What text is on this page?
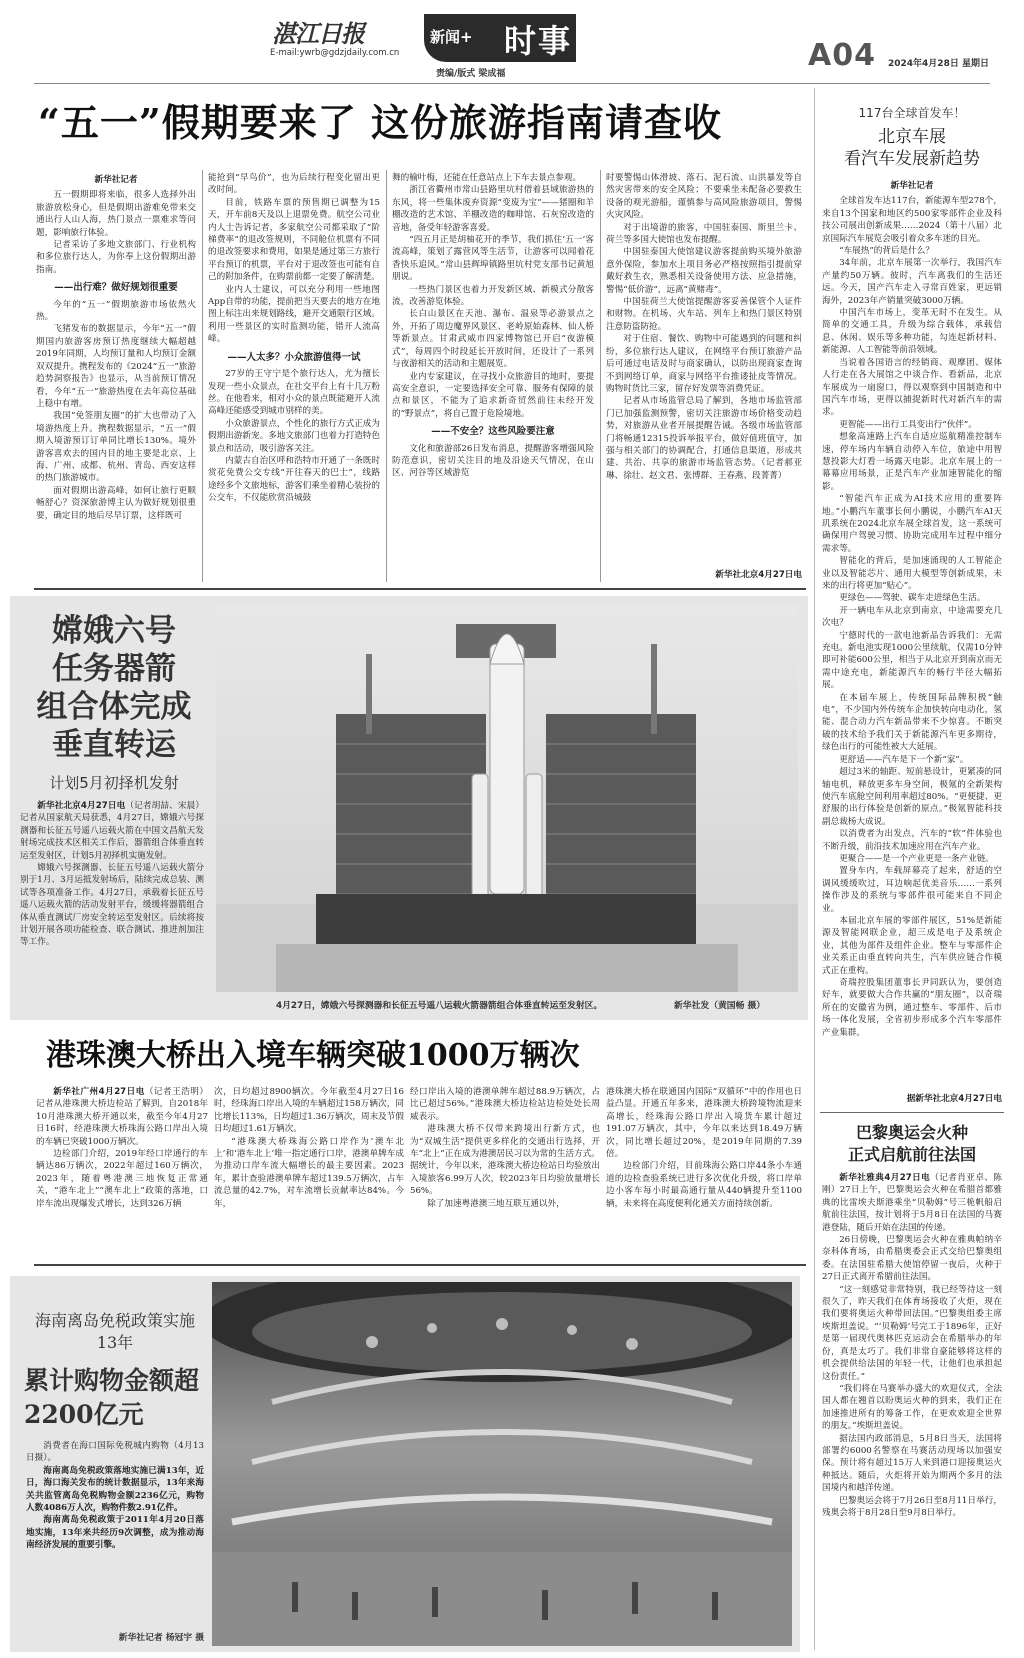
湛江日报
E-mail:ywrb@gdzjdaily.com.cn
新闻+ 时事
责编/版式 梁成福
A04 2024年4月28日 星期日
“五一”假期要来了 这份旅游指南请查收
新华社记者

五一假期即将来临，很多人选择外出旅游放松身心，但是假期出游难免带来交通出行人山人海，热门景点一票难求等问题，影响旅行体验。

记者采访了多地文旅部门、行业机构和多位旅行达人，为你奉上这份假期出游指南。

——出行难？做好规划很重要

今年的“五一”假期旅游市场依然火热。

飞猪发布的数据显示，今年“五一”假期国内旅游客房预订热度继续大幅超越2019年同期，人均预订量和人均预订金额双双提升。携程发布的《2024“五一”旅游趋势洞察报告》也显示，从当前预订情况看，今年“五一”旅游热度在去年高位基础上稳中有增。

我国“免签朋友圈”的扩大也带动了入境游热度上升。携程数据显示，“五一”假期入境游预订订单同比增长130%。境外游客喜欢去的国内目的地主要是北京、上海、广州、成都、杭州、青岛、西安这样的热门旅游城市。

面对假期出游高峰，如何让旅行更顺畅舒心？资深旅游博主认为做好规划很重要，确定目的地后尽早订票，这样既可

能抢到“早鸟价”，也为后续行程变化留出更改时间。

目前，铁路车票的预售期已调整为15天，开车前8天及以上退票免费。航空公司业内人士告诉记者，多家航空公司都采取了“阶梯费率”的退改签规则，不同舱位机票有不同的退改签要求和费用，如果是通过第三方旅行平台预订的机票，平台对于退改签也可能有自己的附加条件，在购票前都一定要了解清楚。

业内人士建议，可以充分利用一些地图App自带的功能，提前把当天要去的地方在地图上标注出来规划路线，避开交通限行区域。利用一些景区的实时监测功能，错开人流高峰。

——人太多？小众旅游值得一试

27岁的王守宁是个旅行达人，尤为擅长发现一些小众景点，在社交平台上有十几万粉丝。在他看来，相对小众的景点既能避开人流高峰还能感受到城市别样的美。

小众旅游景点，个性化的旅行方式正成为假期出游新宠。多地文旅部门也着力打造特色景点和活动，吸引游客关注。

内蒙古自治区呼和浩特市开通了一条既时赏花免费公交专线“开往春天的巴士”，线路途经多个文旅地标，游客们乘坐着精心装扮的公交车，不仅能欣赏沿城鼓

舞的榆叶梅，还能在任意站点上下车去景点参观。

浙江省衢州市常山县路里坑村借着县域旅游热的东风，将一些集体废弃资源“变废为宝”——猪圈和羊棚改造的艺术馆、羊棚改造的咖啡馆、石灰窑改造的音地，备受年轻游客喜爱。

“四五月正是胡柚花开的季节，我们抓住‘五一’客流高峰，策划了露营风等生活节，让游客可以闻着花香快乐追风。”常山县辉埠镇路里坑村党支部书记黄旭朋说。

一些热门景区也着力开发新区域、新模式分散客流，改善游览体验。

长白山景区在天池、瀑布、温泉等必游景点之外，开拓了周边魔界风景区、老岭原始森林、仙人桥等新景点。甘肃武威市四家博物馆已开启“夜游模式”，每周四个时段延长开放时间，还设计了一系列与夜游相关的活动和主题展览。

业内专家建议，在寻找小众旅游目的地时，要提高安全意识，一定要选择安全可靠、服务有保障的景点和景区，不能为了追求新奇贸然前往未经开发的“野景点”，将自己置于危险境地。

——不安全？这些风险要注意

文化和旅游部26日发布消息，提醒游客增强风险防范意识，密切关注目的地及沿途天气情况，在山区、河谷等区域游览

时要警惕山体滑坡、落石、泥石流、山洪暴发等自然灾害带来的安全风险；不要乘坐未配备必要救生设备的观光游船，谨慎参与高风险旅游项目，警惕火灾风险。

对于出境游的旅客，中国驻泰国、斯里兰卡、荷兰等多国大使馆也发布提醒。

中国驻泰国大使馆建议游客提前购买境外旅游意外保险，参加水上项目务必严格按照指引提前穿戴好救生衣，熟悉相关设备使用方法、应急措施，警惕“低价游”，远离“黄赌毒”。

中国驻荷兰大使馆提醒游客妥善保管个人证件和财物。在机场、火车站、列车上和热门景区特别注意防盗防抢。

对于住宿、餐饮、购物中可能遇到的问题和纠纷，多位旅行达人建议，在网络平台预订旅游产品后可通过电话及时与商家确认，以防出现商家查询不到网络订单，商家与网络平台推诿扯皮等情况。购物时货比三家，留存好发票等消费凭证。

记者从市场监管总局了解到，各地市场监管部门已加强监测预警，密切关注旅游市场价格变动趋势，对旅游从业者开展提醒告诫。各级市场监管部门将畅通12315投诉举报平台，做好值班值守，加强与相关部门的协调配合，打通信息渠道，形成共建、共治、共享的旅游市场监管态势。（记者郝亚琳、徐壮、赵文君、张博群、王春燕、段菁菁）

新华社北京4月27日电
嫦娥六号
任务器箭
组合体完成
垂直转运
计划5月初择机发射

新华社北京4月27日电（记者胡喆、宋晨）记者从国家航天局获悉，4月27日，嫦娥六号探测器和长征五号遥八运载火箭在中国文昌航天发射场完成技术区相关工作后，器箭组合体垂直转运至发射区，计划5月初择机实施发射。

嫦娥六号探测器、长征五号遥八运载火箭分别于1月、3月运抵发射场后，陆续完成总装、测试等各项准备工作。4月27日，承载着长征五号遥八运载火箭的活动发射平台，缓缓将器箭组合体从垂直测试厂房安全转运至发射区。后续将按计划开展各项功能检查、联合测试、推进剂加注等工作。

4月27日，嫦娥六号探测器和长征五号遥八运载火箭器箭组合体垂直转运至发射区。	新华社发（黄国畅 摄）
港珠澳大桥出入境车辆突破1000万辆次

新华社广州4月27日电（记者王浩明）记者从港珠澳大桥边检站了解到，自2018年10月港珠澳大桥开通以来，截至今年4月27日16时，经港珠澳大桥珠海公路口岸出入境的车辆已突破1000万辆次。

边检部门介绍，2019年经口岸通行的车辆达86万辆次，2022年超过160万辆次，2023年，随着粤港澳三地恢复正常通关，“港车北上”“澳车北上”政策的落地，口岸车流出现爆发式增长，达到326万辆

次，日均超过8900辆次。今年截至4月27日16时，经珠海口岸出入境的车辆超过158万辆次，同比增长113%，日均超过1.36万辆次，周末及节假日均超过1.61万辆次。

“港珠澳大桥珠海公路口岸作为‘澳车北上’和‘港车北上’唯一指定通行口岸，港澳单牌车成为推动口岸车流大幅增长的最主要因素。2023年，累计查验港澳单牌车超过139.5万辆次，占车流总量的42.7%，对车流增长贡献率达84%。今年，

经口岸出入境的港澳单牌车超过88.9万辆次，占比已超过56%。”港珠澳大桥边检站边检处处长周威表示。

港珠澳大桥不仅带来跨境出行新方式，也为“双城生活”提供更多样化的交通出行选择，开车“北上”正在成为港澳居民习以为常的生活方式。据统计，今年以来，港珠澳大桥边检站日均验放出入境旅客6.99万人次，较2023年日均验放量增长56%。

除了加速粤港澳三地互联互通以外，

港珠澳大桥在联通国内国际“双循环”中的作用也日益凸显。开通五年多来，港珠澳大桥跨境物流迎来高增长，经珠海公路口岸出入境货车累计超过191.07万辆次，其中，今年以来达到18.49万辆次，同比增长超过20%，是2019年同期的7.39倍。

边检部门介绍，目前珠海公路口岸44条小车通道的边检查验系统已进行多次优化升级，将口岸单边小客车每小时最高通行量从440辆提升至1100辆，未来将在高度便利化通关方面持续创新。

海南离岛免税政策实施13年
累计购物金额超2200亿元

消费者在海口国际免税城内购物（4月13日摄）。

海南离岛免税政策落地实施已满13年，近日，海口海关发布的统计数据显示，13年来海关共监管离岛免税购物金额2236亿元，购物人数4086万人次，购物件数2.91亿件。

海南离岛免税政策于2011年4月20日落地实施，13年来共经历9次调整，成为推动海南经济发展的重要引擎。

新华社记者 杨冠宇 摄
117台全球首发车！
北京车展
看汽车发展新趋势
新华社记者

全球首发车达117台，新能源车型278个，来自13个国家和地区约500家零部件企业及科技公司展出创新成果……2024（第十八届）北京国际汽车展览会吸引着众多车迷的目光。

“车展热”的背后是什么？

34年前，北京车展第一次举行，我国汽车产量约50万辆。彼时，汽车离我们的生活还远。今天，国产汽车走入寻常百姓家，更远销海外，2023年产销量突破3000万辆。

中国汽车市场上，变革无时不在发生。从简单的交通工具，升级为综合载体，承载信息、休闲、娱乐等多种功能，勾连起新材料、新能源、人工智能等前沿领域。

当说着各国语言的经销商、观摩团、媒体人行走在各大展馆之中谈合作、看新品，北京车展成为一扇窗口，得以观察到中国制造和中国汽车市场，更得以捕捉新时代对新汽车的需求。

更智能——出行工具变出行“伙伴”。

想象高速路上汽车自适应巡航精准控制车速，停车场内车辆自动停入车位，旅途中用智慧投影大灯看一场露天电影。北京车展上的一幕幕应用场景，正是汽车产业加速智能化的缩影。

“智能汽车正成为AI技术应用的重要阵地。”小鹏汽车董事长何小鹏说，小鹏汽车AI天玑系统在2024北京车展全球首发，这一系统可确保用户驾驶习惯、协助完成用车过程中细分需求等。

智能化的背后，是加速涌现的人工智能企业以及智能芯片、通用大模型等创新成果，未来的出行将更加“贴心”。

更绿色——驾驶、碳车走进绿色生活。

开一辆电车从北京到南京，中途需要充几次电？

宁德时代的一款电池新品告诉我们：无需充电。新电池实现1000公里续航，仅需10分钟即可补能600公里，相当于从北京开到南京而无需中途充电，新能源汽车的畅行半径大幅拓展。

在本届车展上，传统国际品牌积极“触电”，不少国内外传统车企加快转向电动化，氢能、混合动力汽车新品带来不少惊喜。不断突破的技术给予我们关于新能源汽车更多期待，绿色出行的可能性被大大延展。

更舒适——汽车是下一个新“家”。

超过3米的轴距、短前悬设计，更紧凑的同轴电机，释放更多车身空间，极氪的全新架构使汽车底舱空间利用率超过80%。“更便捷、更舒服的出行体验是创新的原点。”极氪智能科技副总裁杨大成说。

以消费者为出发点，汽车的“软”件体验也不断升级，前沿技术加速应用在汽车产业。

更聚合——是一个产业更是一条产业链。

置身车内，车载屏幕亮了起来，舒适的空调风缓缓吹过，耳边响起优美音乐……一系列操作涉及的系统与零部件很可能来自不同企业。

本届北京车展的零部件展区，51%是新能源及智能网联企业，超三成是电子及系统企业，其他为部件及组件企业。整车与零部件企业关系正由垂直转向共生，汽车供应链合作模式正在重构。

奇瑞控股集团董事长尹同跃认为，要创造好车，就要做大合作共赢的“朋友圈”，以奇瑞所在的安徽省为例，通过整车、零部件、后市场一体化发展，全省初步形成多个汽车零部件产业集群。

据新华社北京4月27日电
巴黎奥运会火种
正式启航前往法国

新华社雅典4月27日电（记者肖亚卓、陈刚）27日上午，巴黎奥运会火种在希腊首都雅典的比雷埃夫斯港乘坐“贝勒姆”号三桅帆船启航前往法国，按计划将于5月8日在法国的马赛港登陆，随后开始在法国的传递。

26日傍晚，巴黎奥运会火种在雅典帕纳辛奈科体育场，由希腊奥委会正式交给巴黎奥组委。在法国驻希腊大使馆停留一夜后，火种于27日正式离开希腊前往法国。

“这一刻感觉非常特别，我已经等待这一刻很久了，昨天我们在体育场接收了火炬，现在我们要将奥运火种带回法国。”巴黎奥组委主席埃斯坦盖说。“‘贝勒姆’号完工于1896年，正好是第一届现代奥林匹克运动会在希腊举办的年份，真是太巧了。我们非常自豪能够将这样的机会提供给法国的年轻一代，让他们也承担起这份责任。”

“我们将在马赛举办盛大的欢迎仪式，全法国人都在翘首以盼奥运火种的到来，我们正在加速推进所有的筹备工作，在更欢欢迎全世界的朋友。”埃斯坦盖说。

据法国内政部消息，5月8日当天，法国将部署约6000名警察在马赛活动现场以加强安保。预计将有超过15万人来到港口迎接奥运火种抵达。随后，火炬将开始为期两个多月的法国境内和越洋传递。

巴黎奥运会将于7月26日至8月11日举行，残奥会将于8月28日至9月8日举行。
